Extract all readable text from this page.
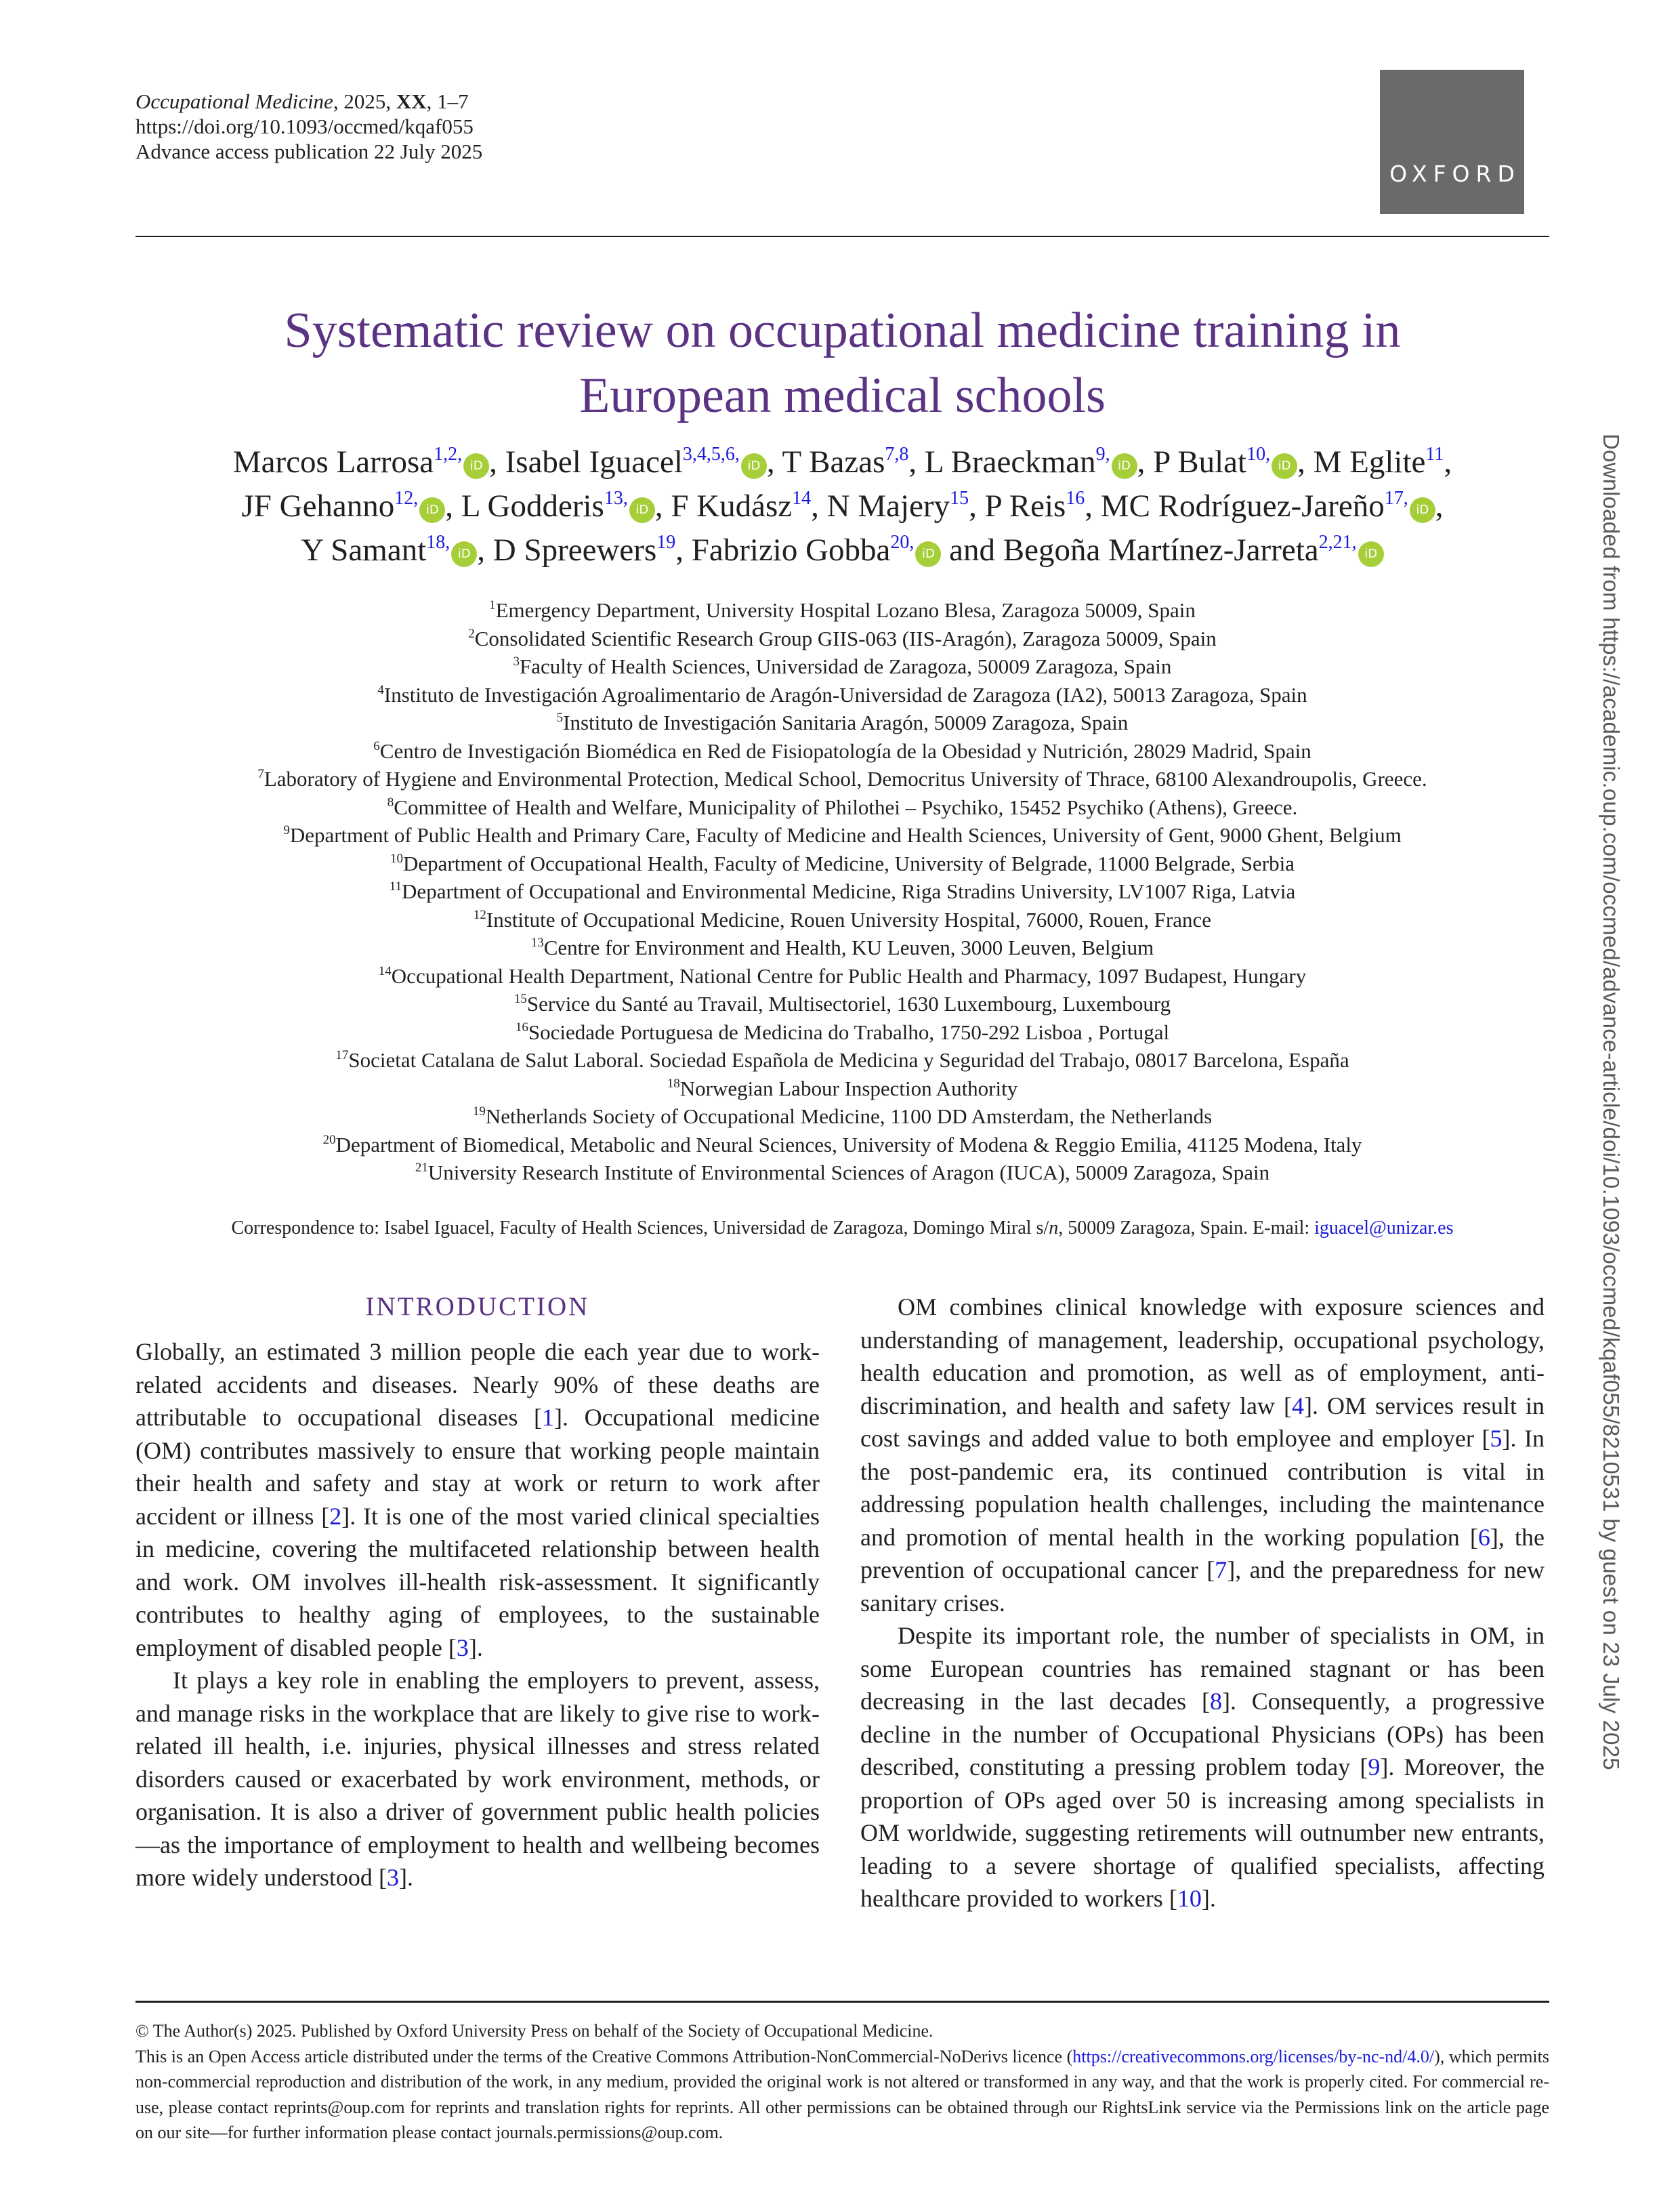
Occupational Medicine, 2025, XX, 1–7
https://doi.org/10.1093/occmed/kqaf055
Advance access publication 22 July 2025
OXFORD
Downloaded from https://academic.oup.com/occmed/advance-article/doi/10.1093/occmed/kqaf055/8210531 by guest on 23 July 2025
Systematic review on occupational medicine training in
European medical schools
Marcos Larrosa$^{1,2,}$iD , Isabel Iguacel$^{3,4,5,6,}$iD , T Bazas$^{7,8}$, L Braeckman$^{9,}$iD , P Bulat$^{10,}$iD , M Eglite$^{11}$,
JF Gehanno$^{12,}$iD , L Godderis$^{13,}$iD , F Kudász$^{14}$, N Majery$^{15}$, P Reis$^{16}$, MC Rodríguez-Jareño$^{17,}$iD ,
Y Samant$^{18,}$iD , D Spreewers$^{19}$, Fabrizio Gobba$^{20,}$iD and Begoña Martínez-Jarreta$^{2,21,}$iD
$^1$Emergency Department, University Hospital Lozano Blesa, Zaragoza 50009, Spain
$^2$Consolidated Scientific Research Group GIIS-063 (IIS-Aragón), Zaragoza 50009, Spain
$^3$Faculty of Health Sciences, Universidad de Zaragoza, 50009 Zaragoza, Spain
$^4$Instituto de Investigación Agroalimentario de Aragón-Universidad de Zaragoza (IA2), 50013 Zaragoza, Spain
$^5$Instituto de Investigación Sanitaria Aragón, 50009 Zaragoza, Spain
$^6$Centro de Investigación Biomédica en Red de Fisiopatología de la Obesidad y Nutrición, 28029 Madrid, Spain
$^7$Laboratory of Hygiene and Environmental Protection, Medical School, Democritus University of Thrace, 68100 Alexandroupolis, Greece.
$^8$Committee of Health and Welfare, Municipality of Philothei – Psychiko, 15452 Psychiko (Athens), Greece.
$^9$Department of Public Health and Primary Care, Faculty of Medicine and Health Sciences, University of Gent, 9000 Ghent, Belgium
$^{10}$Department of Occupational Health, Faculty of Medicine, University of Belgrade, 11000 Belgrade, Serbia
$^{11}$Department of Occupational and Environmental Medicine, Riga Stradins University, LV1007 Riga, Latvia
$^{12}$Institute of Occupational Medicine, Rouen University Hospital, 76000, Rouen, France
$^{13}$Centre for Environment and Health, KU Leuven, 3000 Leuven, Belgium
$^{14}$Occupational Health Department, National Centre for Public Health and Pharmacy, 1097 Budapest, Hungary
$^{15}$Service du Santé au Travail, Multisectoriel, 1630 Luxembourg, Luxembourg
$^{16}$Sociedade Portuguesa de Medicina do Trabalho, 1750-292 Lisboa , Portugal
$^{17}$Societat Catalana de Salut Laboral. Sociedad Española de Medicina y Seguridad del Trabajo, 08017 Barcelona, España
$^{18}$Norwegian Labour Inspection Authority
$^{19}$Netherlands Society of Occupational Medicine, 1100 DD Amsterdam, the Netherlands
$^{20}$Department of Biomedical, Metabolic and Neural Sciences, University of Modena & Reggio Emilia, 41125 Modena, Italy
$^{21}$University Research Institute of Environmental Sciences of Aragon (IUCA), 50009 Zaragoza, Spain
Correspondence to: Isabel Iguacel, Faculty of Health Sciences, Universidad de Zaragoza, Domingo Miral s/n, 50009 Zaragoza, Spain. E-mail: iguacel@unizar.es
INTRODUCTION

Globally, an estimated 3 million people die each year due to work-related accidents and diseases. Nearly 90% of these deaths are attributable to occupational diseases [1]. Occupational medicine (OM) contributes massively to ensure that working people maintain their health and safety and stay at work or return to work after accident or illness [2]. It is one of the most varied clinical specialties in medicine, covering the multifaceted relationship between health and work. OM involves ill-health risk-assessment. It significantly contributes to healthy aging of employees, to the sustainable employment of disabled people [3].

It plays a key role in enabling the employers to prevent, assess, and manage risks in the workplace that are likely to give rise to work-related ill health, i.e. injuries, physical illnesses and stress related disorders caused or exacerbated by work environment, methods, or organisation. It is also a driver of government public health policies—as the importance of employment to health and wellbeing becomes more widely understood [3].

OM combines clinical knowledge with exposure sciences and understanding of management, leadership, occupational psychology, health education and promotion, as well as of employment, anti-discrimination, and health and safety law [4]. OM services result in cost savings and added value to both employee and employer [5]. In the post-pandemic era, its continued contribution is vital in addressing population health challenges, including the maintenance and promotion of mental health in the working population [6], the prevention of occupational cancer [7], and the preparedness for new sanitary crises.

Despite its important role, the number of specialists in OM, in some European countries has remained stagnant or has been decreasing in the last decades [8]. Consequently, a progressive decline in the number of Occupational Physicians (OPs) has been described, constituting a pressing problem today [9]. Moreover, the proportion of OPs aged over 50 is increasing among specialists in OM worldwide, suggesting retirements will outnumber new entrants, leading to a severe shortage of qualified specialists, affecting healthcare provided to workers [10].

© The Author(s) 2025. Published by Oxford University Press on behalf of the Society of Occupational Medicine.
This is an Open Access article distributed under the terms of the Creative Commons Attribution-NonCommercial-NoDerivs licence (https://creativecommons.org/licenses/by-nc-nd/4.0/), which permits non-commercial reproduction and distribution of the work, in any medium, provided the original work is not altered or transformed in any way, and that the work is properly cited. For commercial re-use, please contact reprints@oup.com for reprints and translation rights for reprints. All other permissions can be obtained through our RightsLink service via the Permissions link on the article page on our site—for further information please contact journals.permissions@oup.com.
